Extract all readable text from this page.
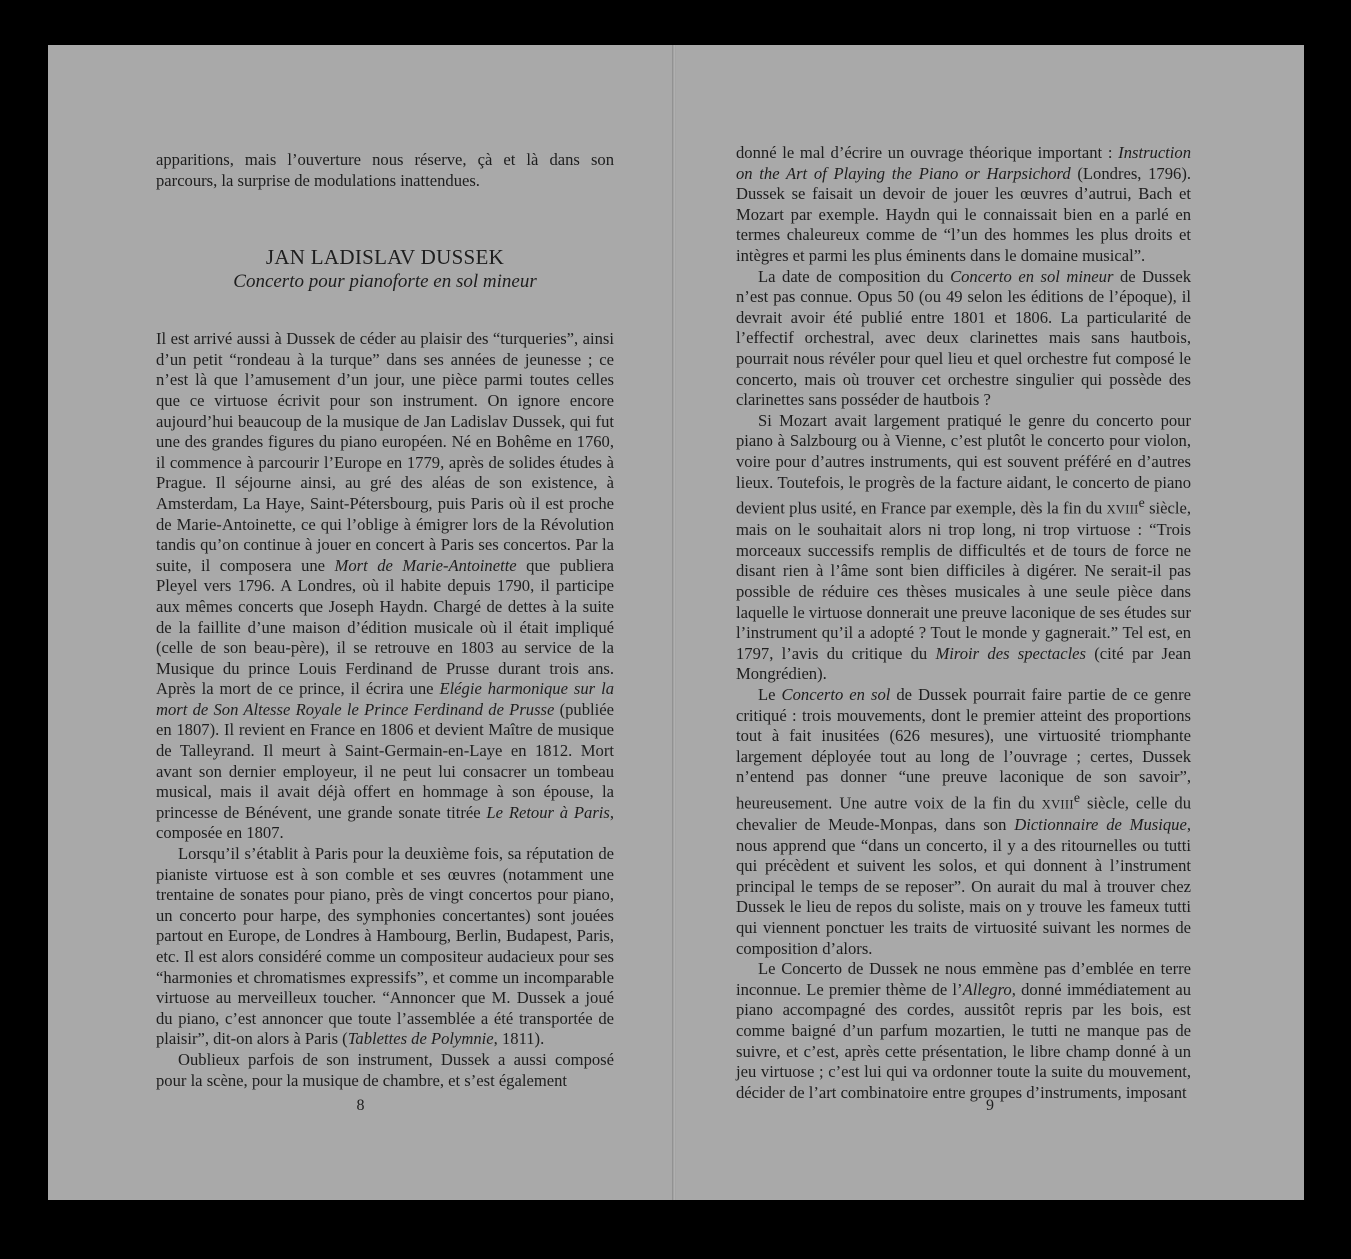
apparitions, mais l’ouverture nous réserve, çà et là dans son parcours, la surprise de modulations inattendues.

JAN LADISLAV DUSSEK
Concerto pour pianoforte en sol mineur

Il est arrivé aussi à Dussek de céder au plaisir des “turqueries”, ainsi d’un petit “rondeau à la turque” dans ses années de jeunesse ; ce n’est là que l’amusement d’un jour, une pièce parmi toutes celles que ce virtuose écrivit pour son instrument. On ignore encore aujourd’hui beaucoup de la musique de Jan Ladislav Dussek, qui fut une des grandes figures du piano européen. Né en Bohême en 1760, il commence à parcourir l’Europe en 1779, après de solides études à Prague. Il séjourne ainsi, au gré des aléas de son existence, à Amsterdam, La Haye, Saint-Pétersbourg, puis Paris où il est proche de Marie-Antoinette, ce qui l’oblige à émigrer lors de la Révolution tandis qu’on continue à jouer en concert à Paris ses concertos. Par la suite, il composera une Mort de Marie-Antoinette que publiera Pleyel vers 1796. A Londres, où il habite depuis 1790, il participe aux mêmes concerts que Joseph Haydn. Chargé de dettes à la suite de la faillite d’une maison d’édition musicale où il était impliqué (celle de son beau-père), il se retrouve en 1803 au service de la Musique du prince Louis Ferdinand de Prusse durant trois ans. Après la mort de ce prince, il écrira une Elégie harmonique sur la mort de Son Altesse Royale le Prince Ferdinand de Prusse (publiée en 1807). Il revient en France en 1806 et devient Maître de musique de Talleyrand. Il meurt à Saint-Germain-en-Laye en 1812. Mort avant son dernier employeur, il ne peut lui consacrer un tombeau musical, mais il avait déjà offert en hommage à son épouse, la princesse de Bénévent, une grande sonate titrée Le Retour à Paris, composée en 1807.

Lorsqu’il s’établit à Paris pour la deuxième fois, sa réputation de pianiste virtuose est à son comble et ses œuvres (notamment une trentaine de sonates pour piano, près de vingt concertos pour piano, un concerto pour harpe, des symphonies concertantes) sont jouées partout en Europe, de Londres à Hambourg, Berlin, Budapest, Paris, etc. Il est alors considéré comme un compositeur audacieux pour ses “harmonies et chromatismes expressifs”, et comme un incomparable virtuose au merveilleux toucher. “Annoncer que M. Dussek a joué du piano, c’est annoncer que toute l’assemblée a été transportée de plaisir”, dit-on alors à Paris (Tablettes de Polymnie, 1811).

Oublieux parfois de son instrument, Dussek a aussi composé pour la scène, pour la musique de chambre, et s’est également

8

donné le mal d’écrire un ouvrage théorique important : Instruction on the Art of Playing the Piano or Harpsichord (Londres, 1796). Dussek se faisait un devoir de jouer les œuvres d’autrui, Bach et Mozart par exemple. Haydn qui le connaissait bien en a parlé en termes chaleureux comme de “l’un des hommes les plus droits et intègres et parmi les plus éminents dans le domaine musical”.

La date de composition du Concerto en sol mineur de Dussek n’est pas connue. Opus 50 (ou 49 selon les éditions de l’époque), il devrait avoir été publié entre 1801 et 1806. La particularité de l’effectif orchestral, avec deux clarinettes mais sans hautbois, pourrait nous révéler pour quel lieu et quel orchestre fut composé le concerto, mais où trouver cet orchestre singulier qui possède des clarinettes sans posséder de hautbois ?

Si Mozart avait largement pratiqué le genre du concerto pour piano à Salzbourg ou à Vienne, c’est plutôt le concerto pour violon, voire pour d’autres instruments, qui est souvent préféré en d’autres lieux. Toutefois, le progrès de la facture aidant, le concerto de piano devient plus usité, en France par exemple, dès la fin du XVIIIe siècle, mais on le souhaitait alors ni trop long, ni trop virtuose : “Trois morceaux successifs remplis de difficultés et de tours de force ne disant rien à l’âme sont bien difficiles à digérer. Ne serait-il pas possible de réduire ces thèses musicales à une seule pièce dans laquelle le virtuose donnerait une preuve laconique de ses études sur l’instrument qu’il a adopté ? Tout le monde y gagnerait.” Tel est, en 1797, l’avis du critique du Miroir des spectacles (cité par Jean Mongrédien).

Le Concerto en sol de Dussek pourrait faire partie de ce genre critiqué : trois mouvements, dont le premier atteint des proportions tout à fait inusitées (626 mesures), une virtuosité triomphante largement déployée tout au long de l’ouvrage ; certes, Dussek n’entend pas donner “une preuve laconique de son savoir”, heureusement. Une autre voix de la fin du XVIIIe siècle, celle du chevalier de Meude-Monpas, dans son Dictionnaire de Musique, nous apprend que “dans un concerto, il y a des ritournelles ou tutti qui précèdent et suivent les solos, et qui donnent à l’instrument principal le temps de se reposer”. On aurait du mal à trouver chez Dussek le lieu de repos du soliste, mais on y trouve les fameux tutti qui viennent ponctuer les traits de virtuosité suivant les normes de composition d’alors.

Le Concerto de Dussek ne nous emmène pas d’emblée en terre inconnue. Le premier thème de l’Allegro, donné immédiatement au piano accompagné des cordes, aussitôt repris par les bois, est comme baigné d’un parfum mozartien, le tutti ne manque pas de suivre, et c’est, après cette présentation, le libre champ donné à un jeu virtuose ; c’est lui qui va ordonner toute la suite du mouvement, décider de l’art combinatoire entre groupes d’instruments, imposant

9
